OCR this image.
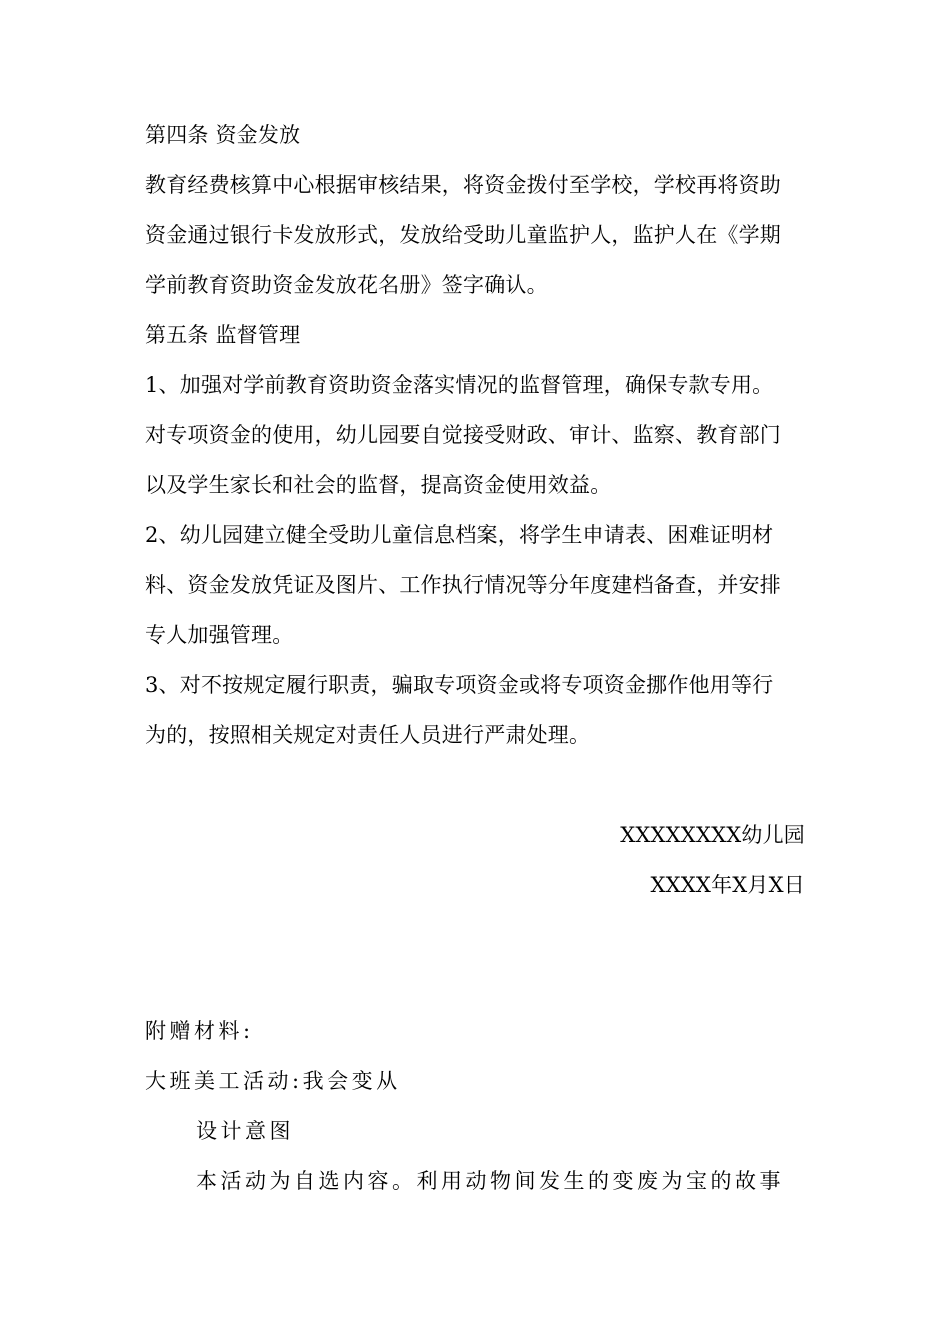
第四条 资金发放
教育经费核算中心根据审核结果，将资金拨付至学校，学校再将资助
资金通过银行卡发放形式，发放给受助儿童监护人，监护人在《学期
学前教育资助资金发放花名册》签字确认。
第五条 监督管理
1、加强对学前教育资助资金落实情况的监督管理，确保专款专用。
对专项资金的使用，幼儿园要自觉接受财政、审计、监察、教育部门
以及学生家长和社会的监督，提高资金使用效益。
2、幼儿园建立健全受助儿童信息档案，将学生申请表、困难证明材
料、资金发放凭证及图片、工作执行情况等分年度建档备查，并安排
专人加强管理。
3、对不按规定履行职责，骗取专项资金或将专项资金挪作他用等行
为的，按照相关规定对责任人员进行严肃处理。
XXXXXXXX幼儿园
XXXX年X月X日
附赠材料:
大班美工活动:我会变从
设计意图
本活动为自选内容。利用动物间发生的变废为宝的故事
